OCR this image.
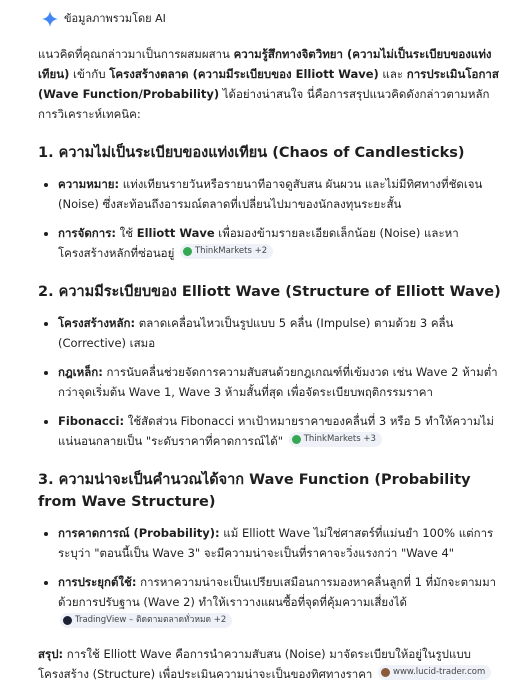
ข้อมูลภาพรวมโดย AI

แนวคิดที่คุณกล่าวมาเป็นการผสมผสาน ความรู้สึกทางจิตวิทยา (ความไม่เป็นระเบียบของแท่งเทียน) เข้ากับ โครงสร้างตลาด (ความมีระเบียบของ Elliott Wave) และ การประเมินโอกาส (Wave Function/Probability) ได้อย่างน่าสนใจ นี่คือการสรุปแนวคิดดังกล่าวตามหลักการวิเคราะห์เทคนิค:

1. ความไม่เป็นระเบียบของแท่งเทียน (Chaos of Candlesticks)
• ความหมาย: แท่งเทียนรายวันหรือรายนาทีอาจดูสับสน ผันผวน และไม่มีทิศทางที่ชัดเจน (Noise) ซึ่งสะท้อนถึงอารมณ์ตลาดที่เปลี่ยนไปมาของนักลงทุนระยะสั้น
• การจัดการ: ใช้ Elliott Wave เพื่อมองข้ามรายละเอียดเล็กน้อย (Noise) และหาโครงสร้างหลักที่ซ่อนอยู่ ThinkMarkets +2
2. ความมีระเบียบของ Elliott Wave (Structure of Elliott Wave)
• โครงสร้างหลัก: ตลาดเคลื่อนไหวเป็นรูปแบบ 5 คลื่น (Impulse) ตามด้วย 3 คลื่น (Corrective) เสมอ
• กฎเหล็ก: การนับคลื่นช่วยจัดการความสับสนด้วยกฎเกณฑ์ที่เข้มงวด เช่น Wave 2 ห้ามต่ำกว่าจุดเริ่มต้น Wave 1, Wave 3 ห้ามสั้นที่สุด เพื่อจัดระเบียบพฤติกรรมราคา
• Fibonacci: ใช้สัดส่วน Fibonacci หาเป้าหมายราคาของคลื่นที่ 3 หรือ 5 ทำให้ความไม่แน่นอนกลายเป็น "ระดับราคาที่คาดการณ์ได้" ThinkMarkets +3
3. ความน่าจะเป็นคำนวณได้จาก Wave Function (Probability from Wave Structure)
• การคาดการณ์ (Probability): แม้ Elliott Wave ไม่ใช่ศาสตร์ที่แม่นยำ 100% แต่การระบุว่า "ตอนนี้เป็น Wave 3" จะมีความน่าจะเป็นที่ราคาจะวิ่งแรงกว่า "Wave 4"
• การประยุกต์ใช้: การหาความน่าจะเป็นเปรียบเสมือนการมองหาคลื่นลูกที่ 1 ที่มักจะตามมาด้วยการปรับฐาน (Wave 2) ทำให้เราวางแผนซื้อที่จุดที่คุ้มความเสี่ยงได้
TradingView – ติดตามตลาดทั่วหมด +2

สรุป: การใช้ Elliott Wave คือการนำความสับสน (Noise) มาจัดระเบียบให้อยู่ในรูปแบบโครงสร้าง (Structure) เพื่อประเมินความน่าจะเป็นของทิศทางราคา www.lucid-trader.com
